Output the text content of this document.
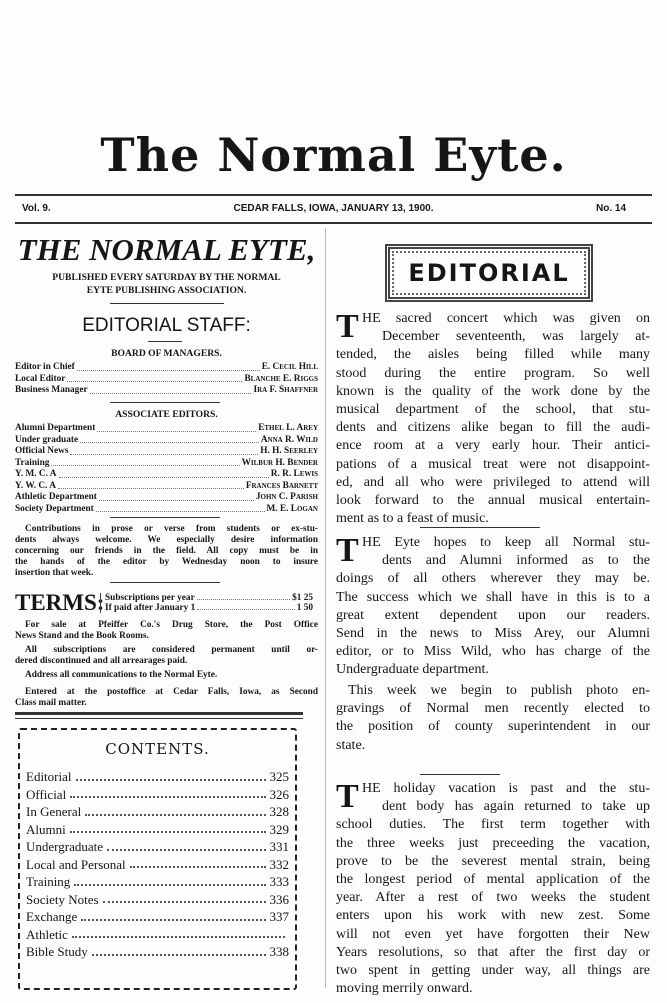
The Normal Eyte.
Vol. 9.	CEDAR FALLS, IOWA, JANUARY 13, 1900.	No. 14
THE NORMAL EYTE,
PUBLISHED EVERY SATURDAY BY THE NORMAL
EYTE PUBLISHING ASSOCIATION.
EDITORIAL STAFF:
BOARD OF MANAGERS.
Editor in Chief	E. Cecil Hill
Local Editor	Blanche E. Riggs
Business Manager	Ira F. Shaffner
ASSOCIATE EDITORS.
Alumni Department	Ethel L. Arey
Under graduate	Anna R. Wild
Official News	H. H. Seerley
Training	Wilbur H. Bender
Y. M. C. A	R. R. Lewis
Y. W. C. A	Frances Barnett
Athletic Department	John C. Parish
Society Department	M. E. Logan
Contributions in prose or verse from students or ex-stu-
dents always welcome. We especially desire information
concerning our friends in the field. All copy must be in
the hands of the editor by Wednesday noon to insure
insertion that week.
TERMS: Subscriptions per year	$1 25
If paid after January 1	1 50
For sale at Pfeiffer Co.'s Drug Store, the Post Office
News Stand and the Book Rooms.
All subscriptions are considered permanent until or-
dered discontinued and all arrearages paid.
Address all communications to the Normal Eyte.
Entered at the postoffice at Cedar Falls, Iowa, as Second
Class mail matter.
CONTENTS.
Editorial	325
Official	326
In General	328
Alumni	329
Undergraduate	331
Local and Personal	332
Training	333
Society Notes	336
Exchange	337
Athletic
Bible Study	338
EDITORIAL
T HE sacred concert which was given on
December seventeenth, was largely at-
tended, the aisles being filled while many
stood during the entire program. So well
known is the quality of the work done by the
musical department of the school, that stu-
dents and citizens alike began to fill the audi-
ence room at a very early hour. Their antici-
pations of a musical treat were not disappoint-
ed, and all who were privileged to attend will
look forward to the annual musical entertain-
ment as to a feast of music.
T HE Eyte hopes to keep all Normal stu-
dents and Alumni informed as to the
doings of all others wherever they may be.
The success which we shall have in this is to a
great extent dependent upon our readers.
Send in the news to Miss Arey, our Alumni
editor, or to Miss Wild, who has charge of the
Undergraduate department.
This week we begin to publish photo en-
gravings of Normal men recently elected to
the position of county superintendent in our
state.
T HE holiday vacation is past and the stu-
dent body has again returned to take up
school duties. The first term together with
the three weeks just preceeding the vacation,
prove to be the severest mental strain, being
the longest period of mental application of the
year. After a rest of two weeks the student
enters upon his work with new zest. Some
will not even yet have forgotten their New
Years resolutions, so that after the first day or
two spent in getting under way, all things are
moving merrily onward.
